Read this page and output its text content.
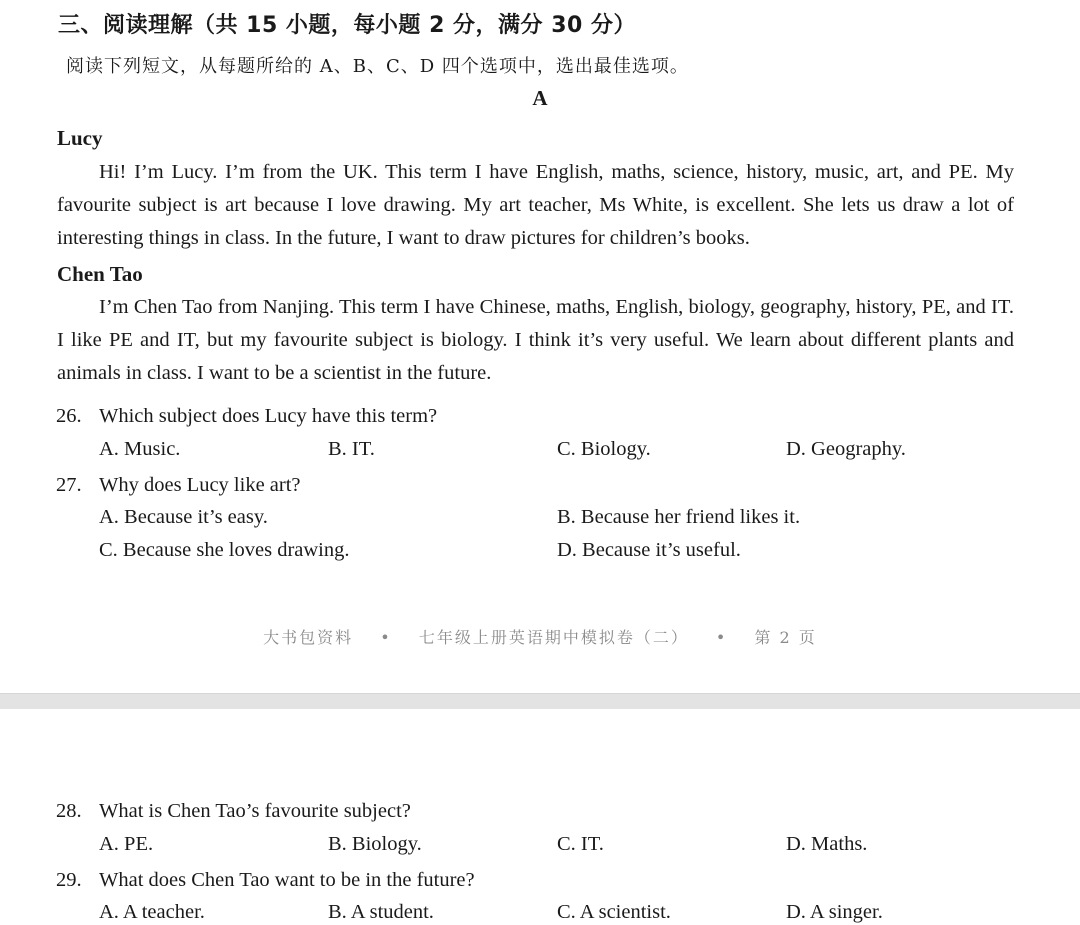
三、阅读理解（共 15 小题，每小题 2 分，满分 30 分）
阅读下列短文，从每题所给的 A、B、C、D 四个选项中，选出最佳选项。
A
Lucy
Hi! I’m Lucy. I’m from the UK. This term I have English, maths, science, history, music, art, and PE. My favourite subject is art because I love drawing. My art teacher, Ms White, is excellent. She lets us draw a lot of interesting things in class. In the future, I want to draw pictures for children’s books.
Chen Tao
I’m Chen Tao from Nanjing. This term I have Chinese, maths, English, biology, geography, history, PE, and IT. I like PE and IT, but my favourite subject is biology. I think it’s very useful. We learn about different plants and animals in class. I want to be a scientist in the future.
26. Which subject does Lucy have this term?
A. Music.	B. IT.	C. Biology.	D. Geography.
27. Why does Lucy like art?
A. Because it’s easy.	B. Because her friend likes it.
C. Because she loves drawing.	D. Because it’s useful.
大书包资料 • 七年级上册英语期中模拟卷（二） • 第 2 页
28. What is Chen Tao’s favourite subject?
A. PE.	B. Biology.	C. IT.	D. Maths.
29. What does Chen Tao want to be in the future?
A. A teacher.	B. A student.	C. A scientist.	D. A singer.
